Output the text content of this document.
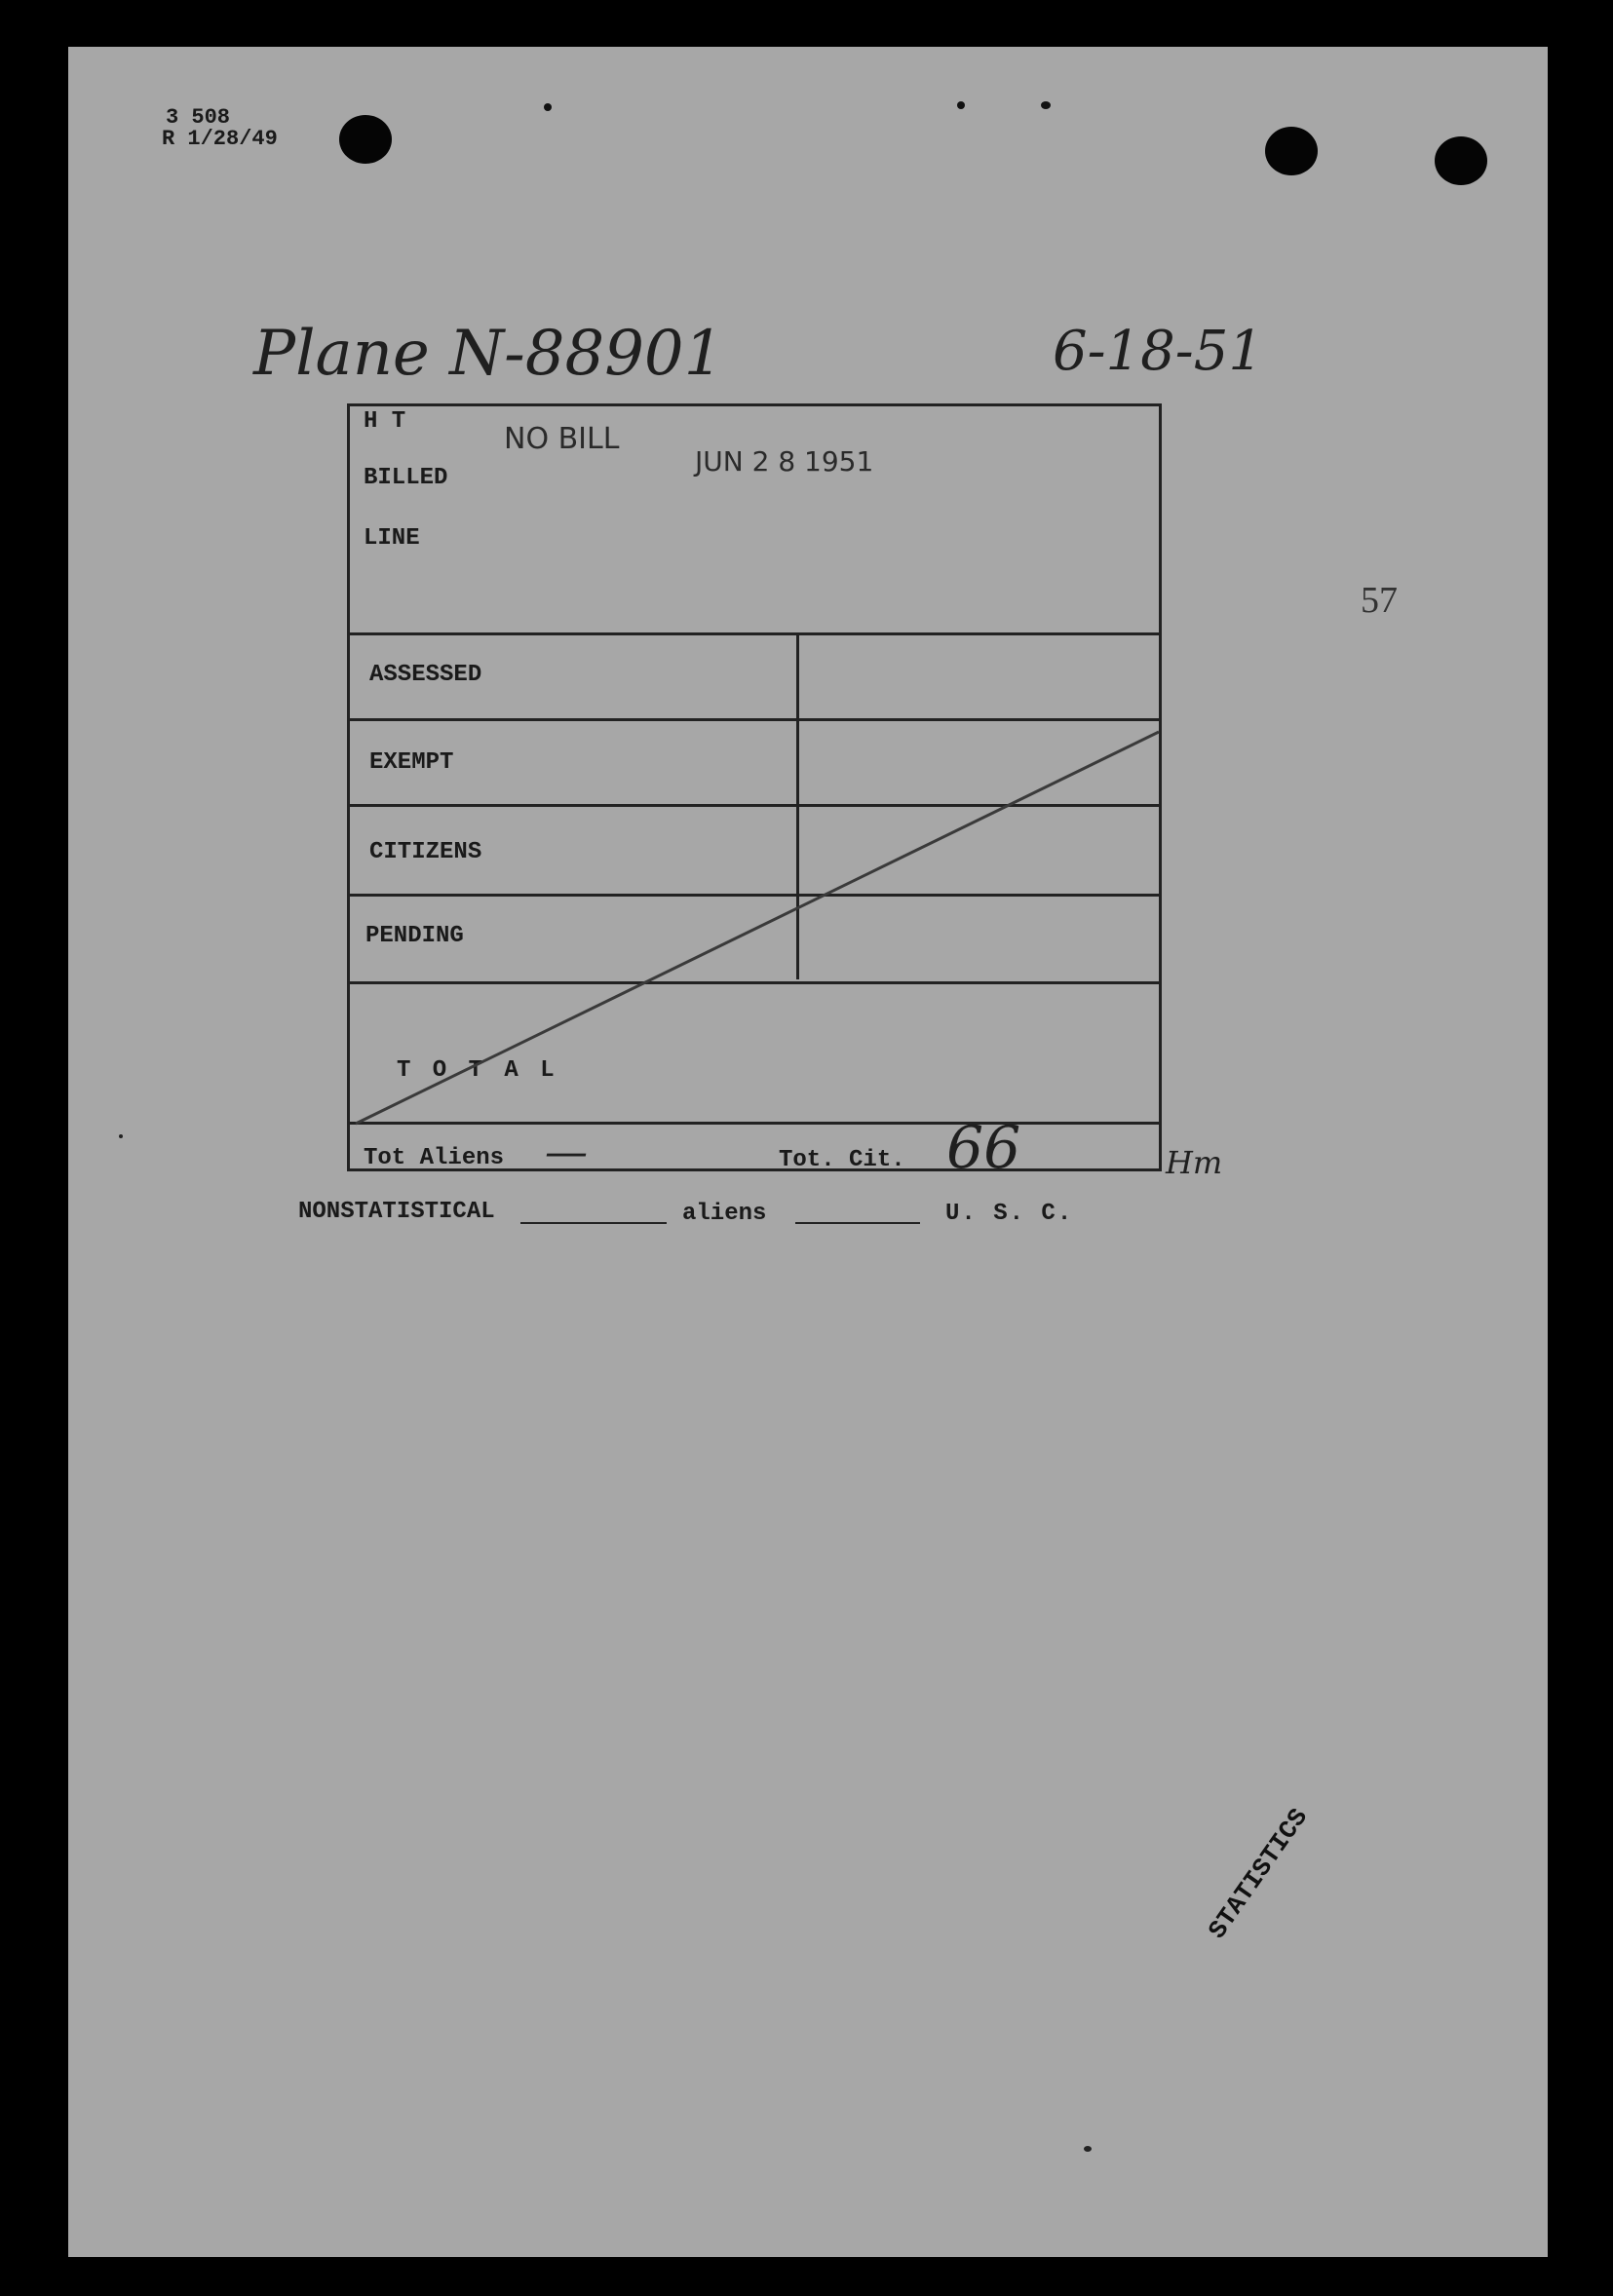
3 508
R 1/28/49
Plane N-88901	6-18-51
57
H T
BILLED
LINE
NO BILL
JUN 2 8 1951
ASSESSED
EXEMPT
CITIZENS
PENDING
T O T A L
Tot Aliens —	Tot. Cit. 66	Hm
NONSTATISTICAL	aliens	U. S. C.
STATISTICS
